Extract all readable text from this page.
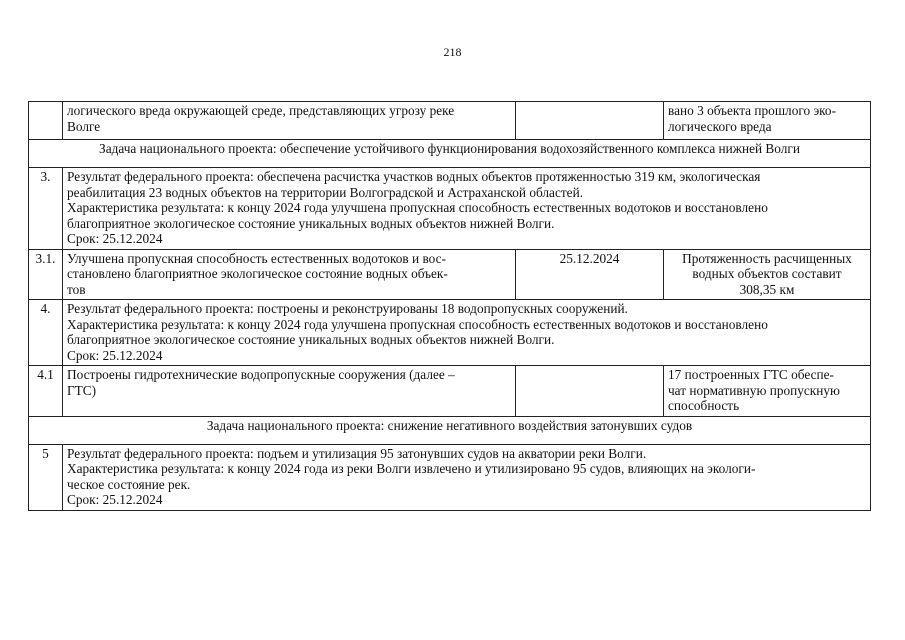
218

	логического вреда окружающей среде, представляющих угрозу реке
Волге		вано 3 объекта прошлого эко-
логического вреда

Задача национального проекта: обеспечение устойчивого функционирования водохозяйственного комплекса нижней Волги			
3.	Результат федерального проекта: обеспечена расчистка участков водных объектов протяженностью 319 км, экологическая
реабилитация 23 водных объектов на территории Волгоградской и Астраханской областей.
Характеристика результата: к концу 2024 года улучшена пропускная способность естественных водотоков и восстановлено
благоприятное экологическое состояние уникальных водных объектов нижней Волги.
Срок: 25.12.2024		

3.1.	Улучшена пропускная способность естественных водотоков и вос-
становлено благоприятное экологическое состояние водных объек-
тов	25.12.2024	Протяженность расчищенных
водных объектов составит
308,35 км

4.	Результат федерального проекта: построены и реконструированы 18 водопропускных сооружений.
Характеристика результата: к концу 2024 года улучшена пропускная способность естественных водотоков и восстановлено
благоприятное экологическое состояние уникальных водных объектов нижней Волги.
Срок: 25.12.2024		

4.1	Построены гидротехнические водопропускные сооружения (далее –
ГТС)		17 построенных ГТС обеспе-
чат нормативную пропускную
способность

Задача национального проекта: снижение негативного воздействия затонувших судов			
5	Результат федерального проекта: подъем и утилизация 95 затонувших судов на акватории реки Волги.
Характеристика результата: к концу 2024 года из реки Волги извлечено и утилизировано 95 судов, влияющих на экологи-
ческое состояние рек.
Срок: 25.12.2024		
